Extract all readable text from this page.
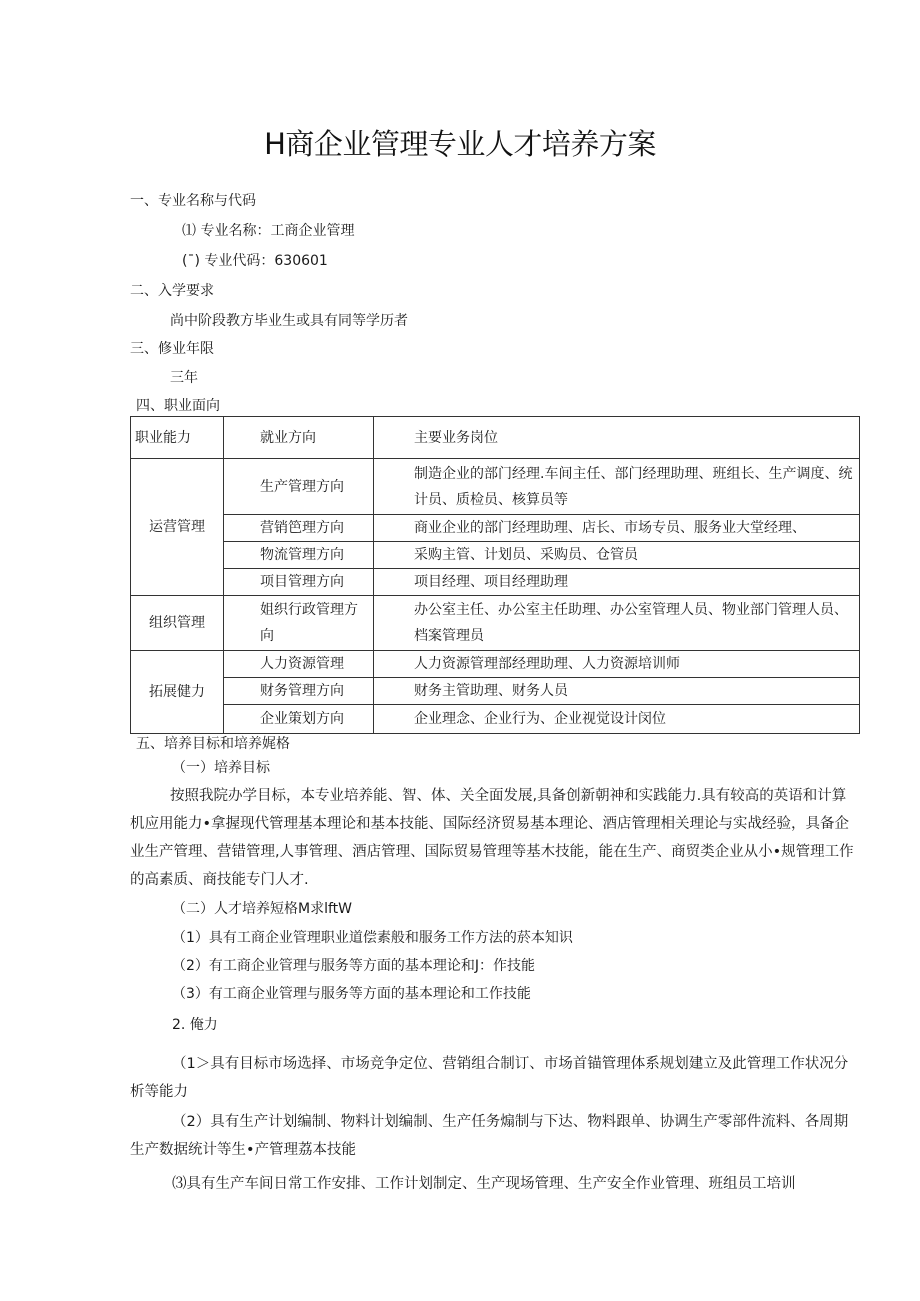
H商企业管理专业人才培养方案
一、专业名称与代码
⑴ 专业名称：工商企业管理
(¯) 专业代码：630601
二、入学要求
尚中阶段教方毕业生或具有同等学历者
三、修业年限
三年
四、职业面向
职业能力	就业方向	主要业务岗位
运营管理	生产管理方向	制造企业的部门经理.车间主任、部门经理助理、班组长、生产调度、统计员、质检员、核算员等
	营销笆理方向	商业企业的部门经理助理、店长、市场专员、服务业大堂经理、
	物流管理方向	采购主管、计划员、采购员、仓管员
	项目管理方向	项目经理、项目经理助理
组织管理	姐织行政管理方向	办公室主任、办公室主任助理、办公室管理人员、物业部门管理人员、档案管理员
拓展健力	人力资源管理	人力资源管理部经理助理、人力资源培训师
	财务管理方向	财务主管助理、财务人员
	企业策划方向	企业理念、企业行为、企业视觉设计闵位
五、培养目标和培养娓格
（一）培养目标
按照我院办学目标，本专业培养能、智、体、关全面发展,具备创新朝神和实践能力.具有较高的英语和计算机应用能力•拿握现代管理基本理论和基本技能、国际经济贸易基本理论、酒店管理相关理论与实战经验，具备企业生产管理、营错管理,人事管理、酒店管理、国际贸易管理等基木技能，能在生产、商贸类企业从小•规管理工作的高素质、商技能专门人才.
（二）人才培养短格M求lftW
（1）具有工商企业管理职业道偿素般和服务工作方法的菸本知识
（2）有工商企业管理与服务等方面的基本理论和J：作技能
（3）有工商企业管理与服务等方面的基本理论和工作技能
2. 俺力
（1＞具有目标市场选择、市场竞争定位、营销组合制订、市场首锚管理体系规划建立及此管理工作状况分析等能力
（2）具有生产计划编制、物料计划编制、生产任务煽制与下达、物料跟单、协调生产零部件流料、各周期生产数据统计等生•产管理荔本技能
⑶具有生产车间日常工作安排、工作计划制定、生产现场管理、生产安全作业管理、班组员工培训
